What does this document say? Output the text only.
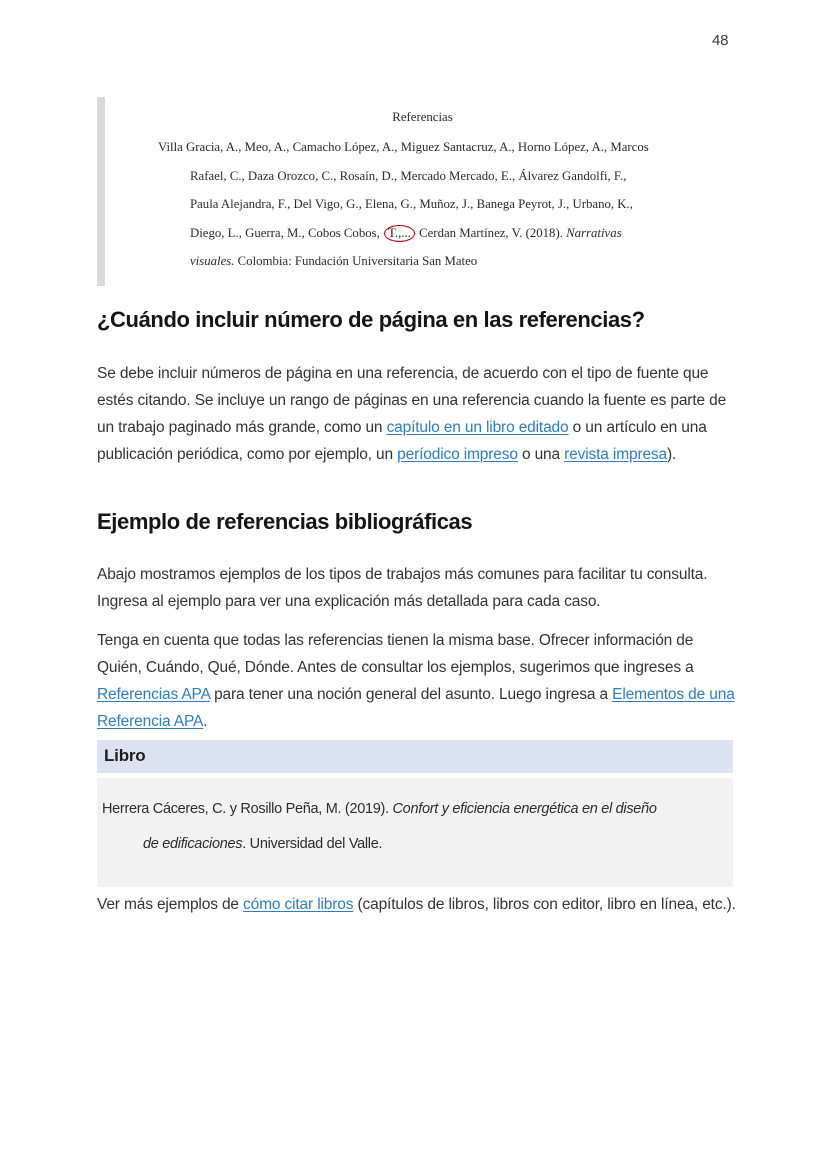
48
Referencias
Villa Gracia, A., Meo, A., Camacho López, A., Miguez Santacruz, A., Horno López, A., Marcos
Rafael, C., Daza Orozco, C., Rosaín, D., Mercado Mercado, E., Álvarez Gandolfi, F.,
Paula Alejandra, F., Del Vigo, G., Elena, G., Muñoz, J., Banega Peyrot, J., Urbano, K.,
Diego, L., Guerra, M., Cobos Cobos, T.,... Cerdan Martínez, V. (2018). Narrativas
visuales. Colombia: Fundación Universitaria San Mateo
¿Cuándo incluir número de página en las referencias?

Se debe incluir números de página en una referencia, de acuerdo con el tipo de fuente que estés citando. Se incluye un rango de páginas en una referencia cuando la fuente es parte de un trabajo paginado más grande, como un capítulo en un libro editado o un artículo en una publicación periódica, como por ejemplo, un períodico impreso o una revista impresa).

Ejemplo de referencias bibliográficas

Abajo mostramos ejemplos de los tipos de trabajos más comunes para facilitar tu consulta. Ingresa al ejemplo para ver una explicación más detallada para cada caso.

Tenga en cuenta que todas las referencias tienen la misma base. Ofrecer información de Quién, Cuándo, Qué, Dónde. Antes de consultar los ejemplos, sugerimos que ingreses a Referencias APA para tener una noción general del asunto. Luego ingresa a Elementos de una Referencia APA.

Libro
Herrera Cáceres, C. y Rosillo Peña, M. (2019). Confort y eficiencia energética en el diseño
de edificaciones. Universidad del Valle.

Ver más ejemplos de cómo citar libros (capítulos de libros, libros con editor, libro en línea, etc.).
